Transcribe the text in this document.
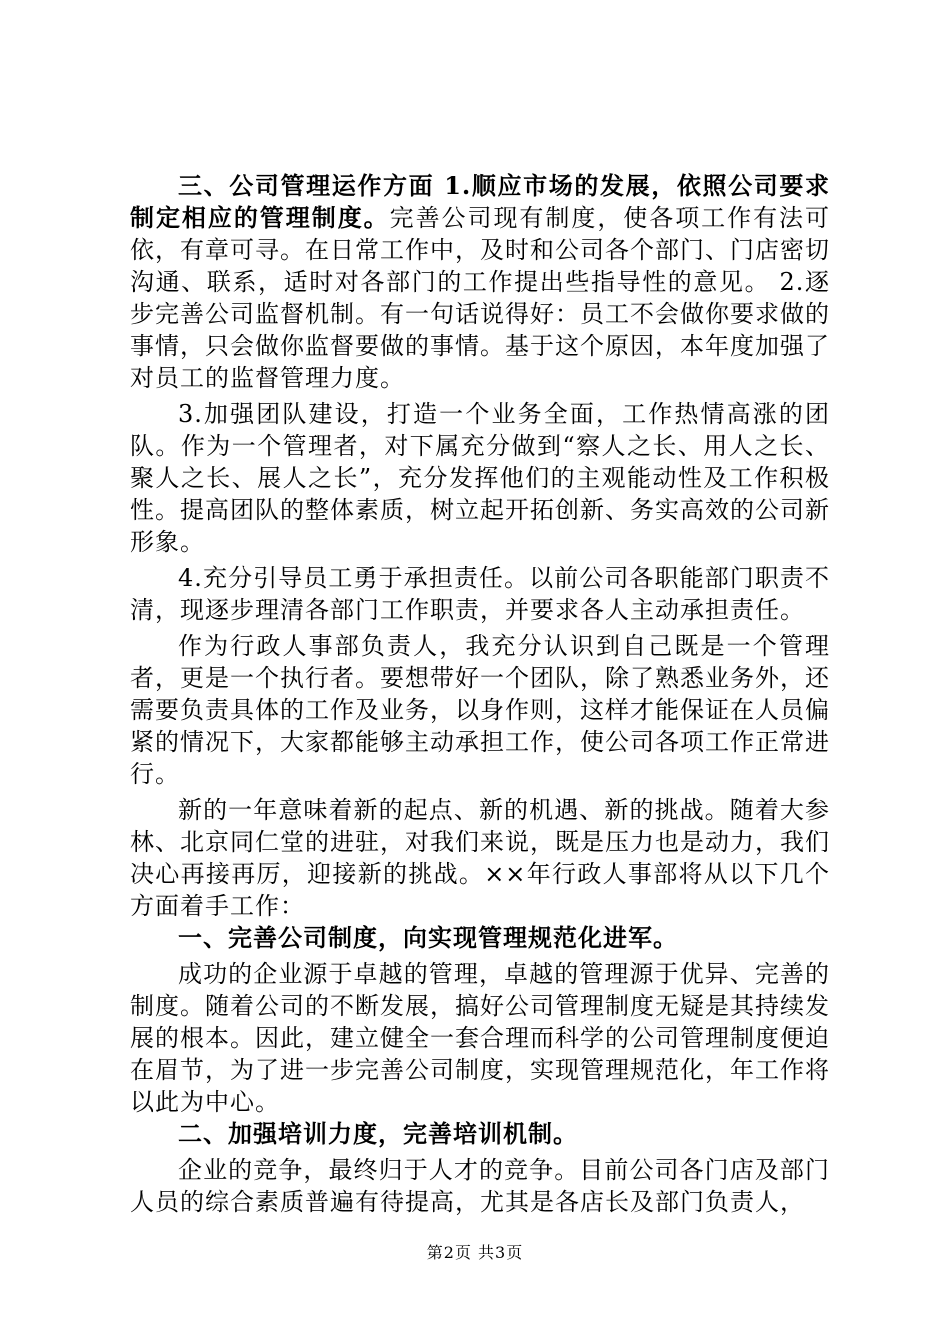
三、公司管理运作方面 1.顺应市场的发展，依照公司要求制定相应的管理制度。完善公司现有制度，使各项工作有法可依，有章可寻。在日常工作中，及时和公司各个部门、门店密切沟通、联系，适时对各部门的工作提出些指导性的意见。 2.逐步完善公司监督机制。有一句话说得好：员工不会做你要求做的事情，只会做你监督要做的事情。基于这个原因，本年度加强了对员工的监督管理力度。

3.加强团队建设，打造一个业务全面，工作热情高涨的团队。作为一个管理者，对下属充分做到“察人之长、用人之长、聚人之长、展人之长”，充分发挥他们的主观能动性及工作积极性。提高团队的整体素质，树立起开拓创新、务实高效的公司新形象。

4.充分引导员工勇于承担责任。以前公司各职能部门职责不清，现逐步理清各部门工作职责，并要求各人主动承担责任。

作为行政人事部负责人，我充分认识到自己既是一个管理者，更是一个执行者。要想带好一个团队，除了熟悉业务外，还需要负责具体的工作及业务，以身作则，这样才能保证在人员偏紧的情况下，大家都能够主动承担工作，使公司各项工作正常进行。

新的一年意味着新的起点、新的机遇、新的挑战。随着大参林、北京同仁堂的进驻，对我们来说，既是压力也是动力，我们决心再接再厉，迎接新的挑战。××年行政人事部将从以下几个方面着手工作：

一、完善公司制度，向实现管理规范化进军。

成功的企业源于卓越的管理，卓越的管理源于优异、完善的制度。随着公司的不断发展，搞好公司管理制度无疑是其持续发展的根本。因此，建立健全一套合理而科学的公司管理制度便迫在眉节，为了进一步完善公司制度，实现管理规范化，年工作将以此为中心。

二、加强培训力度，完善培训机制。

企业的竞争，最终归于人才的竞争。目前公司各门店及部门人员的综合素质普遍有待提高，尤其是各店长及部门负责人，

第2页 共3页
